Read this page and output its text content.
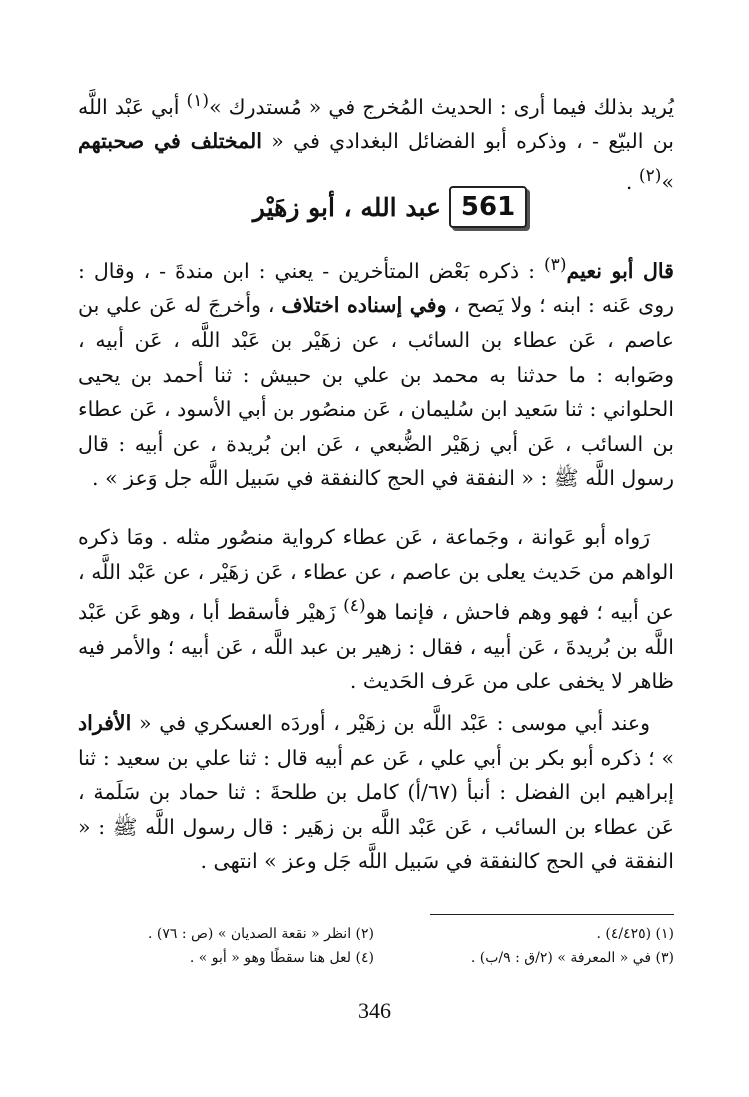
يُريد بذلك فيما أرى : الحديث المُخرج في « مُستدرك »$^{(١)}$ أبي عَبْد اللَّه بن البيّع - ، وذكره أبو الفضائل البغدادي في « المختلف في صحبتهم »$^{(٢)}$ .

561
عبد الله ، أبو زهَيْر

قال أبو نعيم$^{(٣)}$ : ذكره بَعْض المتأخرين - يعني : ابن مندةَ - ، وقال : روى عَنه : ابنه ؛ ولا يَصح ، وفي إسناده اختلاف ، وأخرجَ له عَن علي بن عاصم ، عَن عطاء بن السائب ، عن زهَيْر بن عَبْد اللَّه ، عَن أبيه ، وصَوابه : ما حدثنا به محمد بن علي بن حبيش : ثنا أحمد بن يحيى الحلواني : ثنا سَعيد ابن سُليمان ، عَن منصُور بن أبي الأسود ، عَن عطاء بن السائب ، عَن أبي زهَيْر الضُّبعي ، عَن ابن بُريدة ، عن أبيه : قال رسول اللَّه ﷺ : « النفقة في الحج كالنفقة في سَبيل اللَّه جل وَعز » .

رَواه أبو عَوانة ، وجَماعة ، عَن عطاء كرواية منصُور مثله . ومَا ذكره الواهم من حَديث يعلى بن عاصم ، عن عطاء ، عَن زهَيْر ، عن عَبْد اللَّه ، عن أبيه ؛ فهو وهم فاحش ، فإنما هو$^{(٤)}$ زَهيْر فأسقط أبا ، وهو عَن عَبْد اللَّه بن بُريدةَ ، عَن أبيه ، فقال : زهير بن عبد اللَّه ، عَن أبيه ؛ والأمر فيه ظاهر لا يخفى على من عَرف الحَديث .

وعند أبي موسى : عَبْد اللَّه بن زهَيْر ، أوردَه العسكري في « الأفراد » ؛ ذكره أبو بكر بن أبي علي ، عَن عم أبيه قال : ثنا علي بن سعيد : ثنا إبراهيم ابن الفضل : أنبأ (٦٧/أ) كامل بن طلحةَ : ثنا حماد بن سَلَمة ، عَن عطاء بن السائب ، عَن عَبْد اللَّه بن زهَير : قال رسول اللَّه ﷺ : « النفقة في الحج كالنفقة في سَبيل اللَّه جَل وعز » انتهى .

(١) (٤/٤٢٥) .
(٢) انظر « نقعة الصديان » (ص : ٧٦) .
(٣) في « المعرفة » (٢/ق : ٩/ب) .
(٤) لعل هنا سقطًا وهو « أبو » .
346
